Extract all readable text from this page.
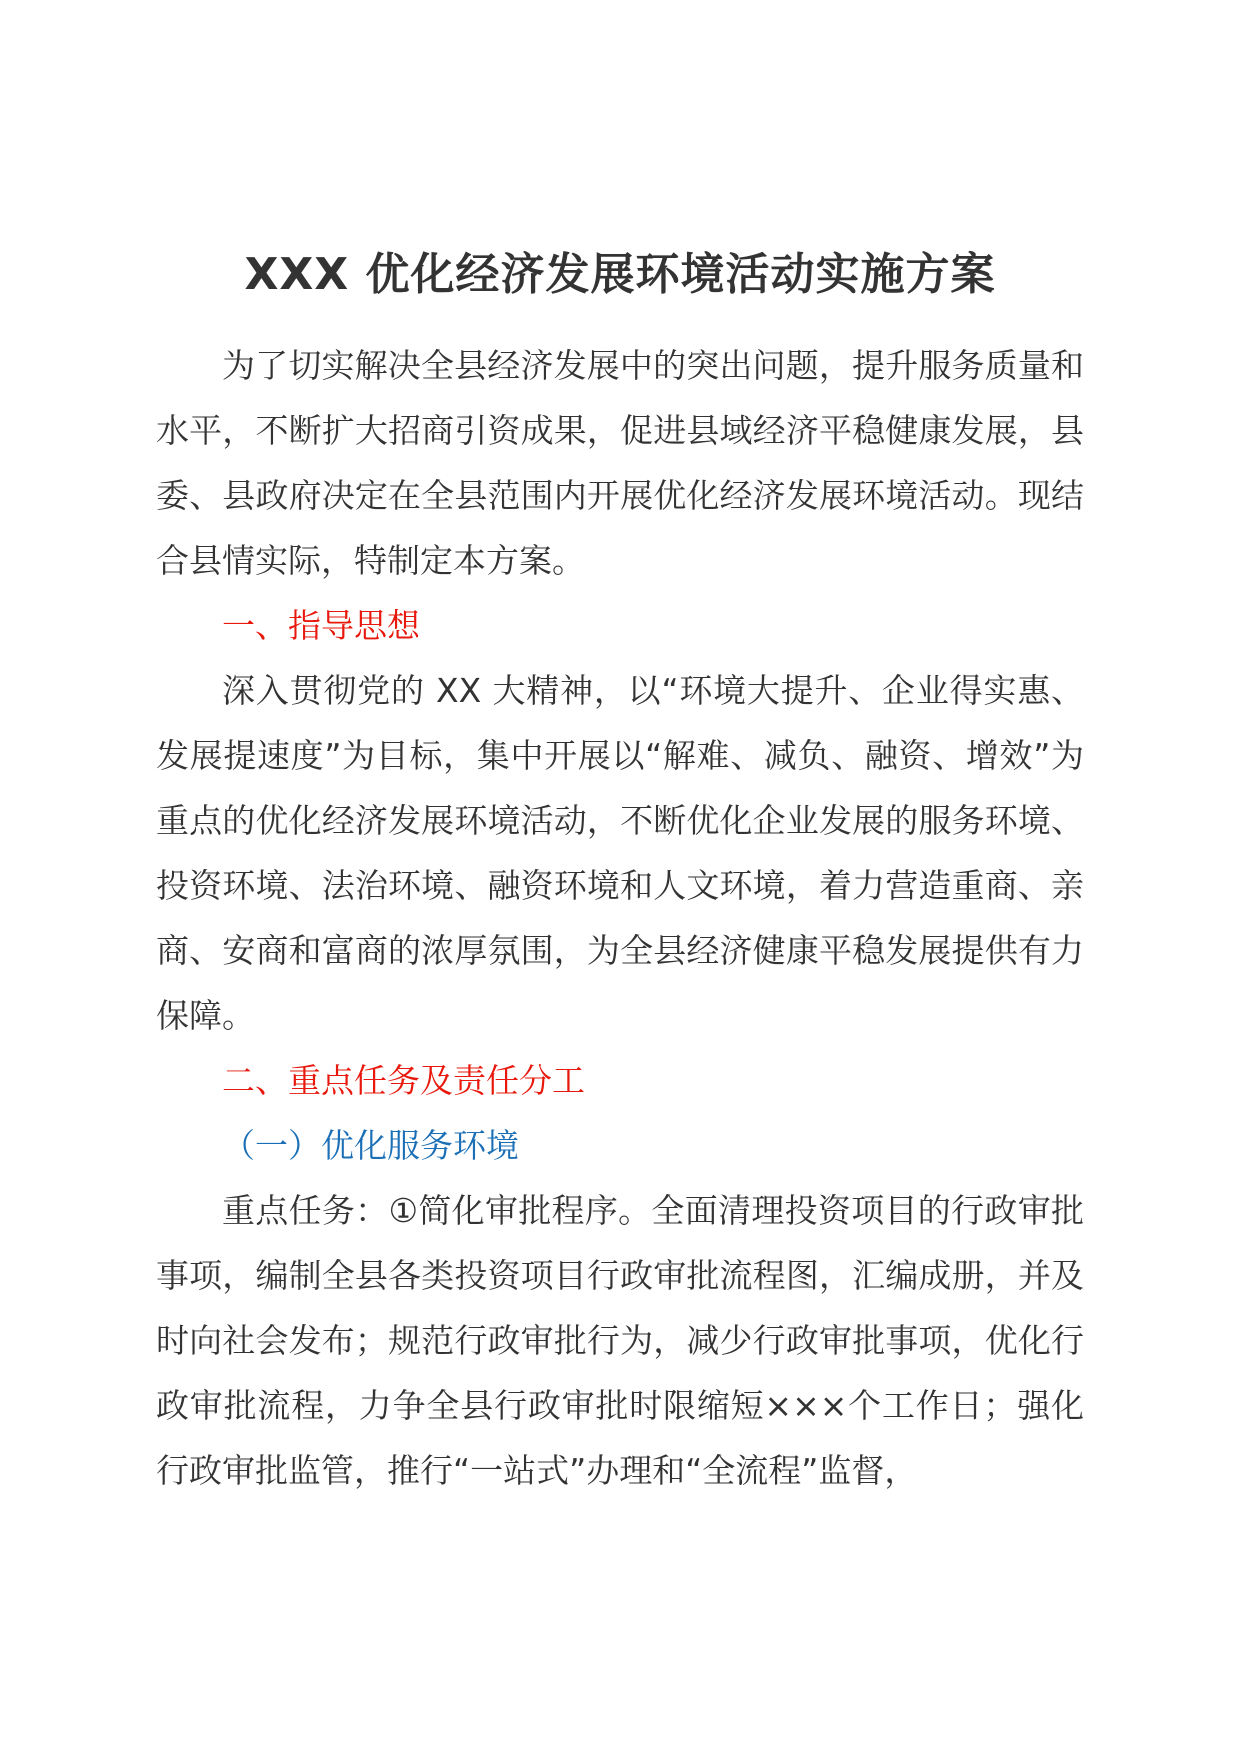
XXX 优化经济发展环境活动实施方案

为了切实解决全县经济发展中的突出问题，提升服务质量和水平，不断扩大招商引资成果，促进县域经济平稳健康发展，县委、县政府决定在全县范围内开展优化经济发展环境活动。现结合县情实际，特制定本方案。

一、指导思想

深入贯彻党的 XX 大精神，以“环境大提升、企业得实惠、发展提速度”为目标，集中开展以“解难、减负、融资、增效”为重点的优化经济发展环境活动，不断优化企业发展的服务环境、投资环境、法治环境、融资环境和人文环境，着力营造重商、亲商、安商和富商的浓厚氛围，为全县经济健康平稳发展提供有力保障。

二、重点任务及责任分工

（一）优化服务环境

重点任务：①简化审批程序。全面清理投资项目的行政审批事项，编制全县各类投资项目行政审批流程图，汇编成册，并及时向社会发布；规范行政审批行为，减少行政审批事项，优化行政审批流程，力争全县行政审批时限缩短×××个工作日；强化行政审批监管，推行“一站式”办理和“全流程”监督，
